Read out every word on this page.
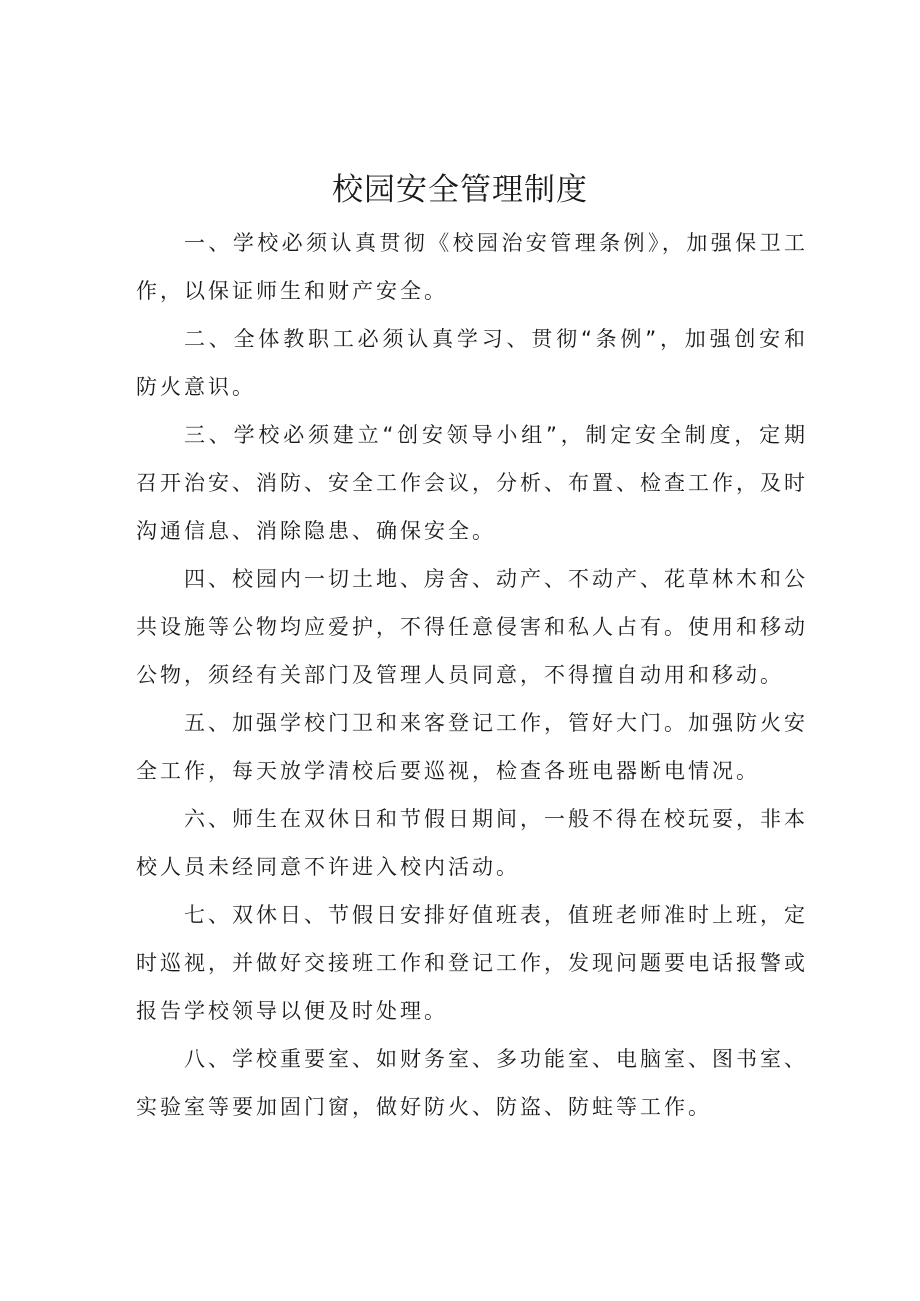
校园安全管理制度

一、学校必须认真贯彻《校园治安管理条例》，加强保卫工作，以保证师生和财产安全。

二、全体教职工必须认真学习、贯彻“条例”，加强创安和防火意识。

三、学校必须建立“创安领导小组”，制定安全制度，定期召开治安、消防、安全工作会议，分析、布置、检查工作，及时沟通信息、消除隐患、确保安全。

四、校园内一切土地、房舍、动产、不动产、花草林木和公共设施等公物均应爱护，不得任意侵害和私人占有。使用和移动公物，须经有关部门及管理人员同意，不得擅自动用和移动。

五、加强学校门卫和来客登记工作，管好大门。加强防火安全工作，每天放学清校后要巡视，检查各班电器断电情况。

六、师生在双休日和节假日期间，一般不得在校玩耍，非本校人员未经同意不许进入校内活动。

七、双休日、节假日安排好值班表，值班老师准时上班，定时巡视，并做好交接班工作和登记工作，发现问题要电话报警或报告学校领导以便及时处理。

八、学校重要室、如财务室、多功能室、电脑室、图书室、实验室等要加固门窗，做好防火、防盗、防蛀等工作。
